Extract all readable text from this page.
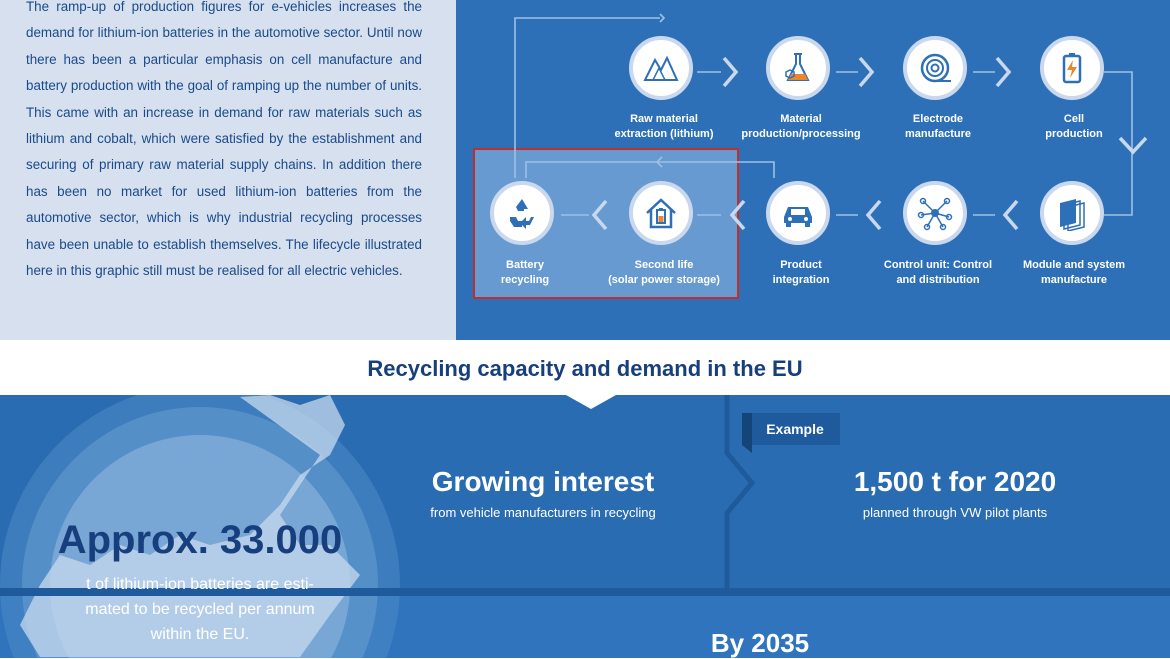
The ramp-up of production figures for e-vehicles increases the demand for lithium-ion batteries in the automotive sector. Until now there has been a particular emphasis on cell manufacture and battery production with the goal of ramping up the number of units. This came with an increase in demand for raw materials such as lithium and cobalt, which were satisfied by the establishment and securing of primary raw material supply chains. In addition there has been no market for used lithium-ion batteries from the automotive sector, which is why industrial recycling processes have been unable to establish themselves. The lifecycle illustrated here in this graphic still must be realised for all electric vehicles.

Raw material
extraction (lithium)
Material
production/processing
Electrode
manufacture
Cell
production
Module and system
manufacture
Control unit: Control
and distribution
Product
integration
Second life
(solar power storage)
Battery
recycling
Recycling capacity and demand in the EU
Example
Approx. 33.000
t of lithium-ion batteries are esti-
mated to be recycled per annum
within the EU.
Growing interest
from vehicle manufacturers in recycling
1,500 t for 2020
planned through VW pilot plants
By 2035
